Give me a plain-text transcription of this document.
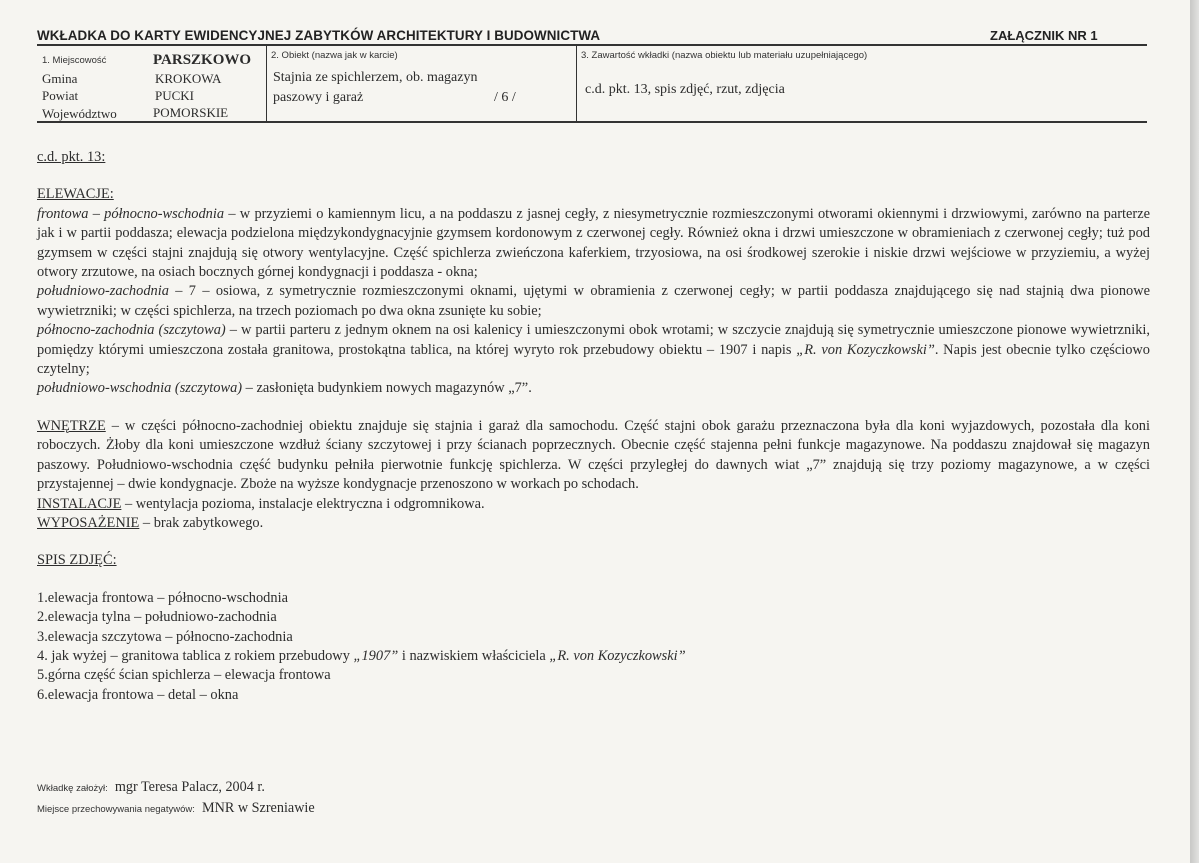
WKŁADKA DO KARTY EWIDENCYJNEJ ZABYTKÓW ARCHITEKTURY I BUDOWNICTWA	ZAŁĄCZNIK NR 1
1. Miejscowość	PARSZKOWO
Gmina	KROKOWA
Powiat	PUCKI
Województwo	POMORSKIE
2. Obiekt (nazwa jak w karcie)
Stajnia ze spichlerzem, ob. magazyn
paszowy i garaż	/ 6 /
3. Zawartość wkładki (nazwa obiektu lub materiału uzupełniającego)
c.d. pkt. 13, spis zdjęć, rzut, zdjęcia
c.d. pkt. 13:
ELEWACJE:
frontowa – północno-wschodnia – w przyziemi o kamiennym licu, a na poddaszu z jasnej cegły, z niesymetrycznie rozmieszczonymi otworami okiennymi i drzwiowymi, zarówno na parterze jak i w partii poddasza; elewacja podzielona międzykondygnacyjnie gzymsem kordonowym z czerwonej cegły. Również okna i drzwi umieszczone w obramieniach z czerwonej cegły; tuż pod gzymsem w części stajni znajdują się otwory wentylacyjne. Część spichlerza zwieńczona kaferkiem, trzyosiowa, na osi środkowej szerokie i niskie drzwi wejściowe w przyziemiu, a wyżej otwory zrzutowe, na osiach bocznych górnej kondygnacji i poddasza - okna;
południowo-zachodnia – 7 – osiowa, z symetrycznie rozmieszczonymi oknami, ujętymi w obramienia z czerwonej cegły; w partii poddasza znajdującego się nad stajnią dwa pionowe wywietrzniki; w części spichlerza, na trzech poziomach po dwa okna zsunięte ku sobie;
północno-zachodnia (szczytowa) – w partii parteru z jednym oknem na osi kalenicy i umieszczonymi obok wrotami; w szczycie znajdują się symetrycznie umieszczone pionowe wywietrzniki, pomiędzy którymi umieszczona została granitowa, prostokątna tablica, na której wyryto rok przebudowy obiektu – 1907 i napis „R. von Kozyczkowski”. Napis jest obecnie tylko częściowo czytelny;
południowo-wschodnia (szczytowa) – zasłonięta budynkiem nowych magazynów „7”.
WNĘTRZE – w części północno-zachodniej obiektu znajduje się stajnia i garaż dla samochodu. Część stajni obok garażu przeznaczona była dla koni wyjazdowych, pozostała dla koni roboczych. Żłoby dla koni umieszczone wzdłuż ściany szczytowej i przy ścianach poprzecznych. Obecnie część stajenna pełni funkcje magazynowe. Na poddaszu znajdował się magazyn paszowy. Południowo-wschodnia część budynku pełniła pierwotnie funkcję spichlerza. W części przyległej do dawnych wiat „7” znajdują się trzy poziomy magazynowe, a w części przystajennej – dwie kondygnacje. Zboże na wyższe kondygnacje przenoszono w workach po schodach.
INSTALACJE – wentylacja pozioma, instalacje elektryczna i odgromnikowa.
WYPOSAŻENIE – brak zabytkowego.
SPIS ZDJĘĆ:
1.elewacja frontowa – północno-wschodnia
2.elewacja tylna – południowo-zachodnia
3.elewacja szczytowa – północno-zachodnia
4. jak wyżej – granitowa tablica z rokiem przebudowy „1907” i nazwiskiem właściciela „R. von Kozyczkowski”
5.górna część ścian spichlerza – elewacja frontowa
6.elewacja frontowa – detal – okna
Wkładkę założył: mgr Teresa Palacz, 2004 r.
Miejsce przechowywania negatywów: MNR w Szreniawie
